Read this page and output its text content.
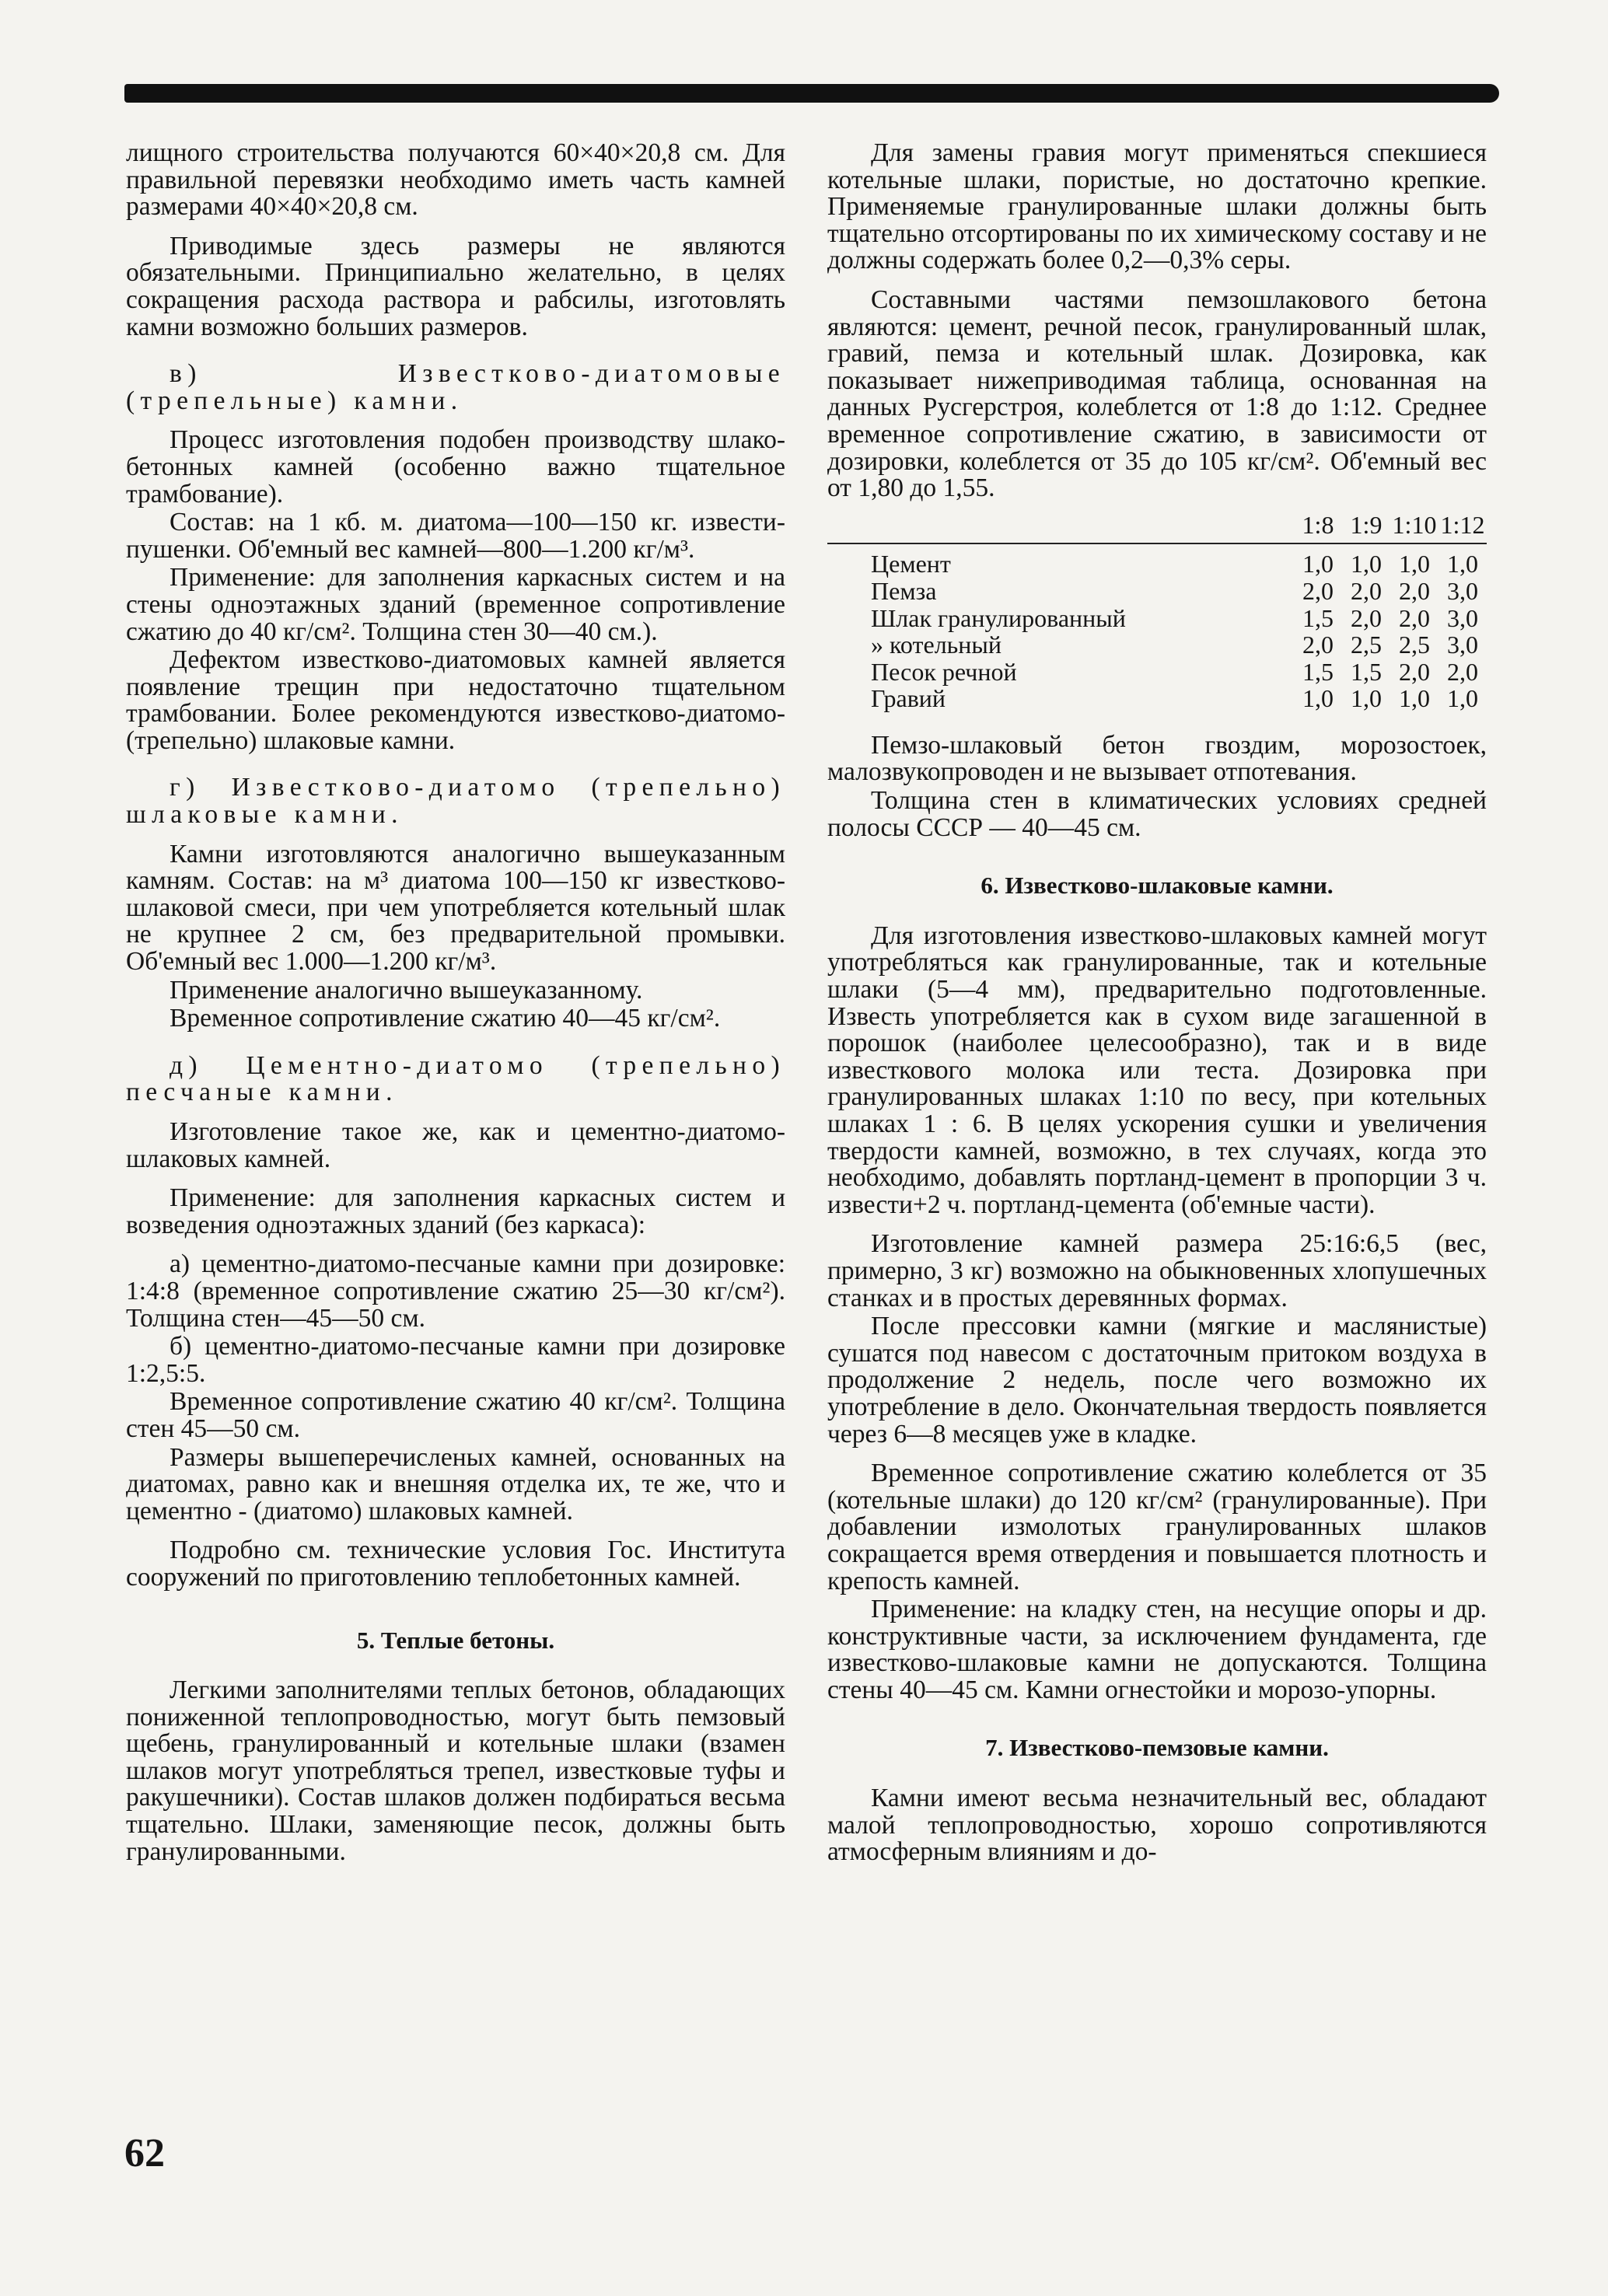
лищного строительства получаются 60×40×20,8 см. Для правильной перевязки необходимо иметь часть камней размерами 40×40×20,8 см.

Приводимые здесь размеры не являются обязательными. Принципиально желательно, в целях сокращения расхода раствора и рабсилы, изготовлять камни возможно больших размеров.

в) Известково-диатомовые (трепельные) камни.

Процесс изготовления подобен производству шлако-бетонных камней (особенно важно тщательное трамбование).

Состав: на 1 кб. м. диатома—100—150 кг. извести-пушенки. Об'емный вес камней—800—1.200 кг/м³.

Применение: для заполнения каркасных систем и на стены одноэтажных зданий (временное сопротивление сжатию до 40 кг/см². Толщина стен 30—40 см.).

Дефектом известково-диатомовых камней является появление трещин при недостаточно тщательном трамбовании. Более рекомендуются известково-диатомо-(трепельно) шлаковые камни.

г) Известково-диатомо (трепельно) шлаковые камни.

Камни изготовляются аналогично вышеуказанным камням. Состав: на м³ диатома 100—150 кг известково-шлаковой смеси, при чем употребляется котельный шлак не крупнее 2 см, без предварительной промывки. Об'емный вес 1.000—1.200 кг/м³.

Применение аналогично вышеуказанному.

Временное сопротивление сжатию 40—45 кг/см².

д) Цементно-диатомо (трепельно) песчаные камни.

Изготовление такое же, как и цементно-диатомо-шлаковых камней.

Применение: для заполнения каркасных систем и возведения одноэтажных зданий (без каркаса):

а) цементно-диатомо-песчаные камни при дозировке: 1:4:8 (временное сопротивление сжатию 25—30 кг/см²). Толщина стен—45—50 см.

б) цементно-диатомо-песчаные камни при дозировке 1:2,5:5.

Временное сопротивление сжатию 40 кг/см². Толщина стен 45—50 см.

Размеры вышеперечисленых камней, основанных на диатомах, равно как и внешняя отделка их, те же, что и цементно - (диатомо) шлаковых камней.

Подробно см. технические условия Гос. Института сооружений по приготовлению теплобетонных камней.

5. Теплые бетоны.

Легкими заполнителями теплых бетонов, обладающих пониженной теплопроводностью, могут быть пемзовый щебень, гранулированный и котельные шлаки (взамен шлаков могут употребляться трепел, известковые туфы и ракушечники). Состав шлаков должен подбираться весьма тщательно. Шлаки, заменяющие песок, должны быть гранулированными.

Для замены гравия могут применяться спекшиеся котельные шлаки, пористые, но достаточно крепкие. Применяемые гранулированные шлаки должны быть тщательно отсортированы по их химическому составу и не должны содержать более 0,2—0,3% серы.

Составными частями пемзошлакового бетона являются: цемент, речной песок, гранулированный шлак, гравий, пемза и котельный шлак. Дозировка, как показывает нижеприводимая таблица, основанная на данных Русгерстроя, колеблется от 1:8 до 1:12. Среднее временное сопротивление сжатию, в зависимости от дозировки, колеблется от 35 до 105 кг/см². Об'емный вес от 1,80 до 1,55.

	1:8	1:9	1:10	1:12
Цемент	1,0	1,0	1,0	1,0
Пемза	2,0	2,0	2,0	3,0
Шлак гранулированный	1,5	2,0	2,0	3,0
» котельный	2,0	2,5	2,5	3,0
Песок речной	1,5	1,5	2,0	2,0
Гравий	1,0	1,0	1,0	1,0

Пемзо-шлаковый бетон гвоздим, морозостоек, малозвукопроводен и не вызывает отпотевания.

Толщина стен в климатических условиях средней полосы СССР — 40—45 см.

6. Известково-шлаковые камни.

Для изготовления известково-шлаковых камней могут употребляться как гранулированные, так и котельные шлаки (5—4 мм), предварительно подготовленные. Известь употребляется как в сухом виде загашенной в порошок (наиболее целесообразно), так и в виде известкового молока или теста. Дозировка при гранулированных шлаках 1:10 по весу, при котельных шлаках 1 : 6. В целях ускорения сушки и увеличения твердости камней, возможно, в тех случаях, когда это необходимо, добавлять портланд-цемент в пропорции 3 ч. извести+2 ч. портланд-цемента (об'емные части).

Изготовление камней размера 25:16:6,5 (вес, примерно, 3 кг) возможно на обыкновенных хлопушечных станках и в простых деревянных формах.

После прессовки камни (мягкие и маслянистые) сушатся под навесом с достаточным притоком воздуха в продолжение 2 недель, после чего возможно их употребление в дело. Окончательная твердость появляется через 6—8 месяцев уже в кладке.

Временное сопротивление сжатию колеблется от 35 (котельные шлаки) до 120 кг/см² (гранулированные). При добавлении измолотых гранулированных шлаков сокращается время отвердения и повышается плотность и крепость камней.

Применение: на кладку стен, на несущие опоры и др. конструктивные части, за исключением фундамента, где известково-шлаковые камни не допускаются. Толщина стены 40—45 см. Камни огнестойки и морозо-упорны.

7. Известково-пемзовые камни.

Камни имеют весьма незначительный вес, обладают малой теплопроводностью, хорошо сопротивляются атмосферным влияниям и до-

62
